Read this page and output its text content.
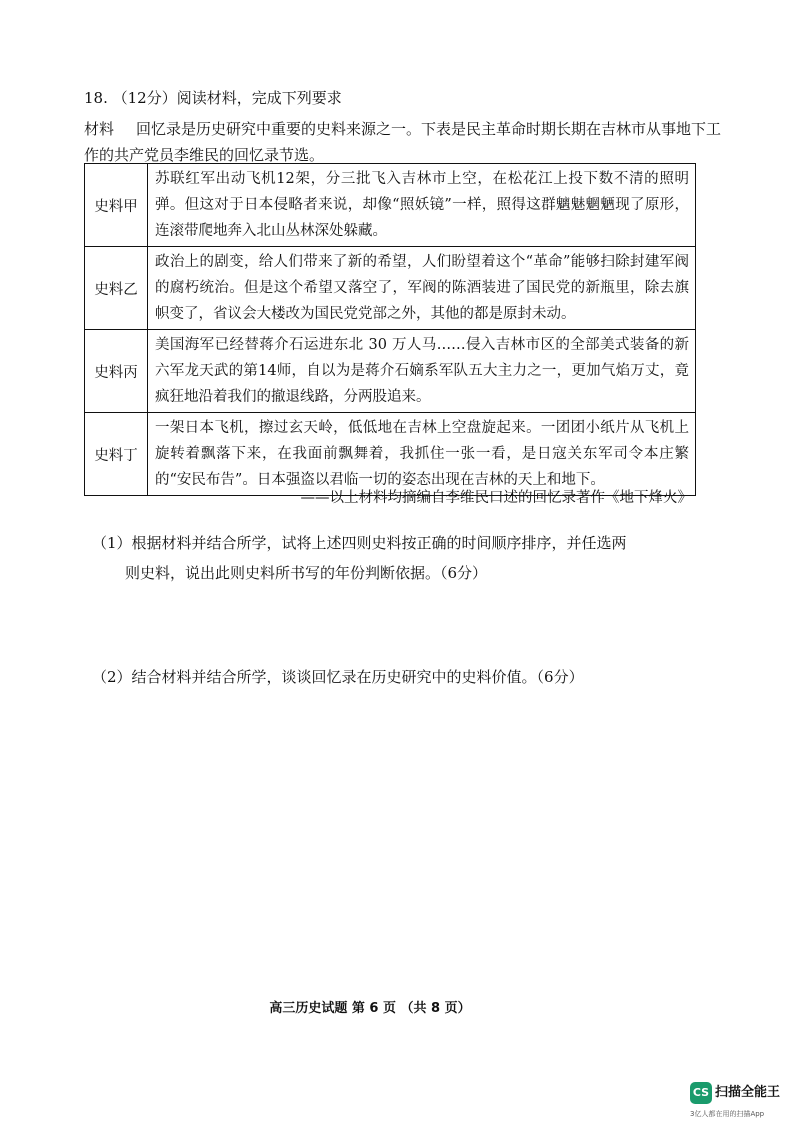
18. （12分）阅读材料，完成下列要求
材料 回忆录是历史研究中重要的史料来源之一。下表是民主革命时期长期在吉林市从事地下工作的共产党员李维民的回忆录节选。
史料甲	苏联红军出动飞机12架，分三批飞入吉林市上空，在松花江上投下数不清的照明弹。但这对于日本侵略者来说，却像“照妖镜”一样，照得这群魑魅魍魉现了原形，连滚带爬地奔入北山丛林深处躲藏。
史料乙	政治上的剧变，给人们带来了新的希望，人们盼望着这个“革命”能够扫除封建军阀的腐朽统治。但是这个希望又落空了，军阀的陈酒装进了国民党的新瓶里，除去旗帜变了，省议会大楼改为国民党党部之外，其他的都是原封未动。
史料丙	美国海军已经替蒋介石运进东北 30 万人马……侵入吉林市区的全部美式装备的新六军龙天武的第14师，自以为是蒋介石嫡系军队五大主力之一，更加气焰万丈，竟疯狂地沿着我们的撤退线路，分两股追来。
史料丁	一架日本飞机，擦过玄天岭，低低地在吉林上空盘旋起来。一团团小纸片从飞机上旋转着飘落下来，在我面前飘舞着，我抓住一张一看，是日寇关东军司令本庄繁的“安民布告”。日本强盗以君临一切的姿态出现在吉林的天上和地下。
——以上材料均摘编自李维民口述的回忆录著作《地下烽火》
（1）根据材料并结合所学，试将上述四则史料按正确的时间顺序排序，并任选两则史料，说出此则史料所书写的年份判断依据。（6分）
（2）结合材料并结合所学，谈谈回忆录在历史研究中的史料价值。（6分）
高三历史试题 第 6 页 （共 8 页）
CS 扫描全能王
3亿人都在用的扫描App
